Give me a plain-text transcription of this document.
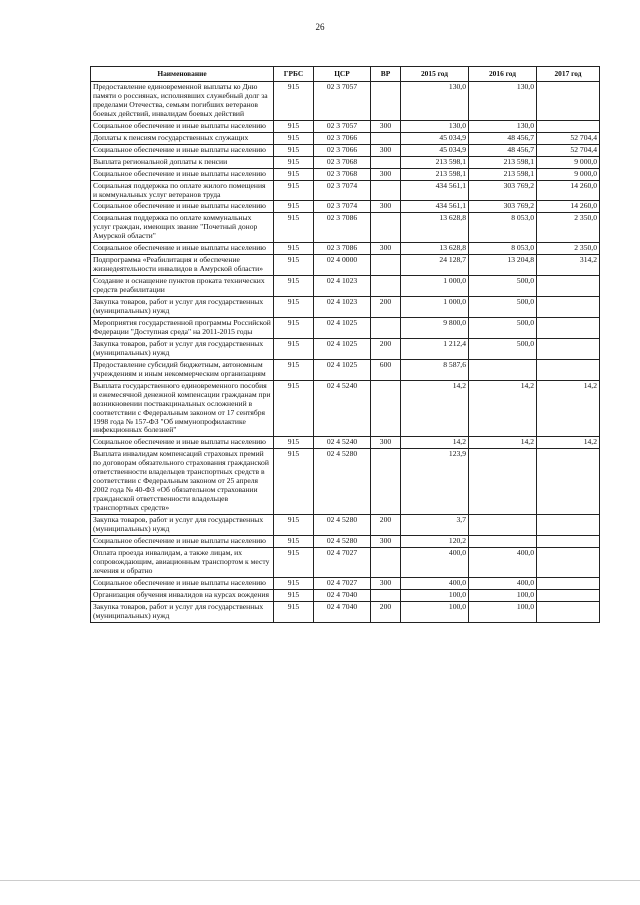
26
Наименование	ГРБС	ЦСР	ВР	2015 год	2016 год	2017 год
Предоставление единовременной выплаты ко Дню памяти о россиянах, исполнявших служебный долг за пределами Отечества, семьям погибших ветеранов боевых действий, инвалидам боевых действий	915	02 3 7057		130,0	130,0	
Социальное обеспечение и иные выплаты населению	915	02 3 7057	300	130,0	130,0	
Доплаты к пенсиям государственных служащих	915	02 3 7066		45 034,9	48 456,7	52 704,4
Социальное обеспечение и иные выплаты населению	915	02 3 7066	300	45 034,9	48 456,7	52 704,4
Выплата региональной доплаты к пенсии	915	02 3 7068		213 598,1	213 598,1	9 000,0
Социальное обеспечение и иные выплаты населению	915	02 3 7068	300	213 598,1	213 598,1	9 000,0
Социальная поддержка по оплате жилого помещения и коммунальных услуг ветеранов труда	915	02 3 7074		434 561,1	303 769,2	14 260,0
Социальное обеспечение и иные выплаты населению	915	02 3 7074	300	434 561,1	303 769,2	14 260,0
Социальная поддержка по оплате коммунальных услуг граждан, имеющих звание "Почетный донор Амурской области"	915	02 3 7086		13 628,8	8 053,0	2 350,0
Социальное обеспечение и иные выплаты населению	915	02 3 7086	300	13 628,8	8 053,0	2 350,0
Подпрограмма «Реабилитация и обеспечение жизнедеятельности инвалидов в Амурской области»	915	02 4 0000		24 128,7	13 204,8	314,2
Создание и оснащение пунктов проката технических средств реабилитации	915	02 4 1023		1 000,0	500,0	
Закупка товаров, работ и услуг для государственных (муниципальных) нужд	915	02 4 1023	200	1 000,0	500,0	
Мероприятия государственной программы Российской Федерации "Доступная среда" на 2011-2015 годы	915	02 4 1025		9 800,0	500,0	
Закупка товаров, работ и услуг для государственных (муниципальных) нужд	915	02 4 1025	200	1 212,4	500,0	
Предоставление субсидий бюджетным, автономным учреждениям и иным некоммерческим организациям	915	02 4 1025	600	8 587,6		
Выплата государственного единовременного пособия и ежемесячной денежной компенсации гражданам при возникновении поствакцинальных осложнений в соответствии с Федеральным законом от 17 сентября 1998 года № 157-ФЗ "Об иммунопрофилактике инфекционных болезней"	915	02 4 5240		14,2	14,2	14,2
Социальное обеспечение и иные выплаты населению	915	02 4 5240	300	14,2	14,2	14,2
Выплата инвалидам компенсаций страховых премий по договорам обязательного страхования гражданской ответственности владельцев транспортных средств в соответствии с Федеральным законом от 25 апреля 2002 года № 40-ФЗ «Об обязательном страховании гражданской ответственности владельцев транспортных средств»	915	02 4 5280		123,9		
Закупка товаров, работ и услуг для государственных (муниципальных) нужд	915	02 4 5280	200	3,7		
Социальное обеспечение и иные выплаты населению	915	02 4 5280	300	120,2		
Оплата проезда инвалидам, а также лицам, их сопровождающим, авиационным транспортом к месту лечения и обратно	915	02 4 7027		400,0	400,0	
Социальное обеспечение и иные выплаты населению	915	02 4 7027	300	400,0	400,0	
Организация обучения инвалидов на курсах вождения	915	02 4 7040		100,0	100,0	
Закупка товаров, работ и услуг для государственных (муниципальных) нужд	915	02 4 7040	200	100,0	100,0	
